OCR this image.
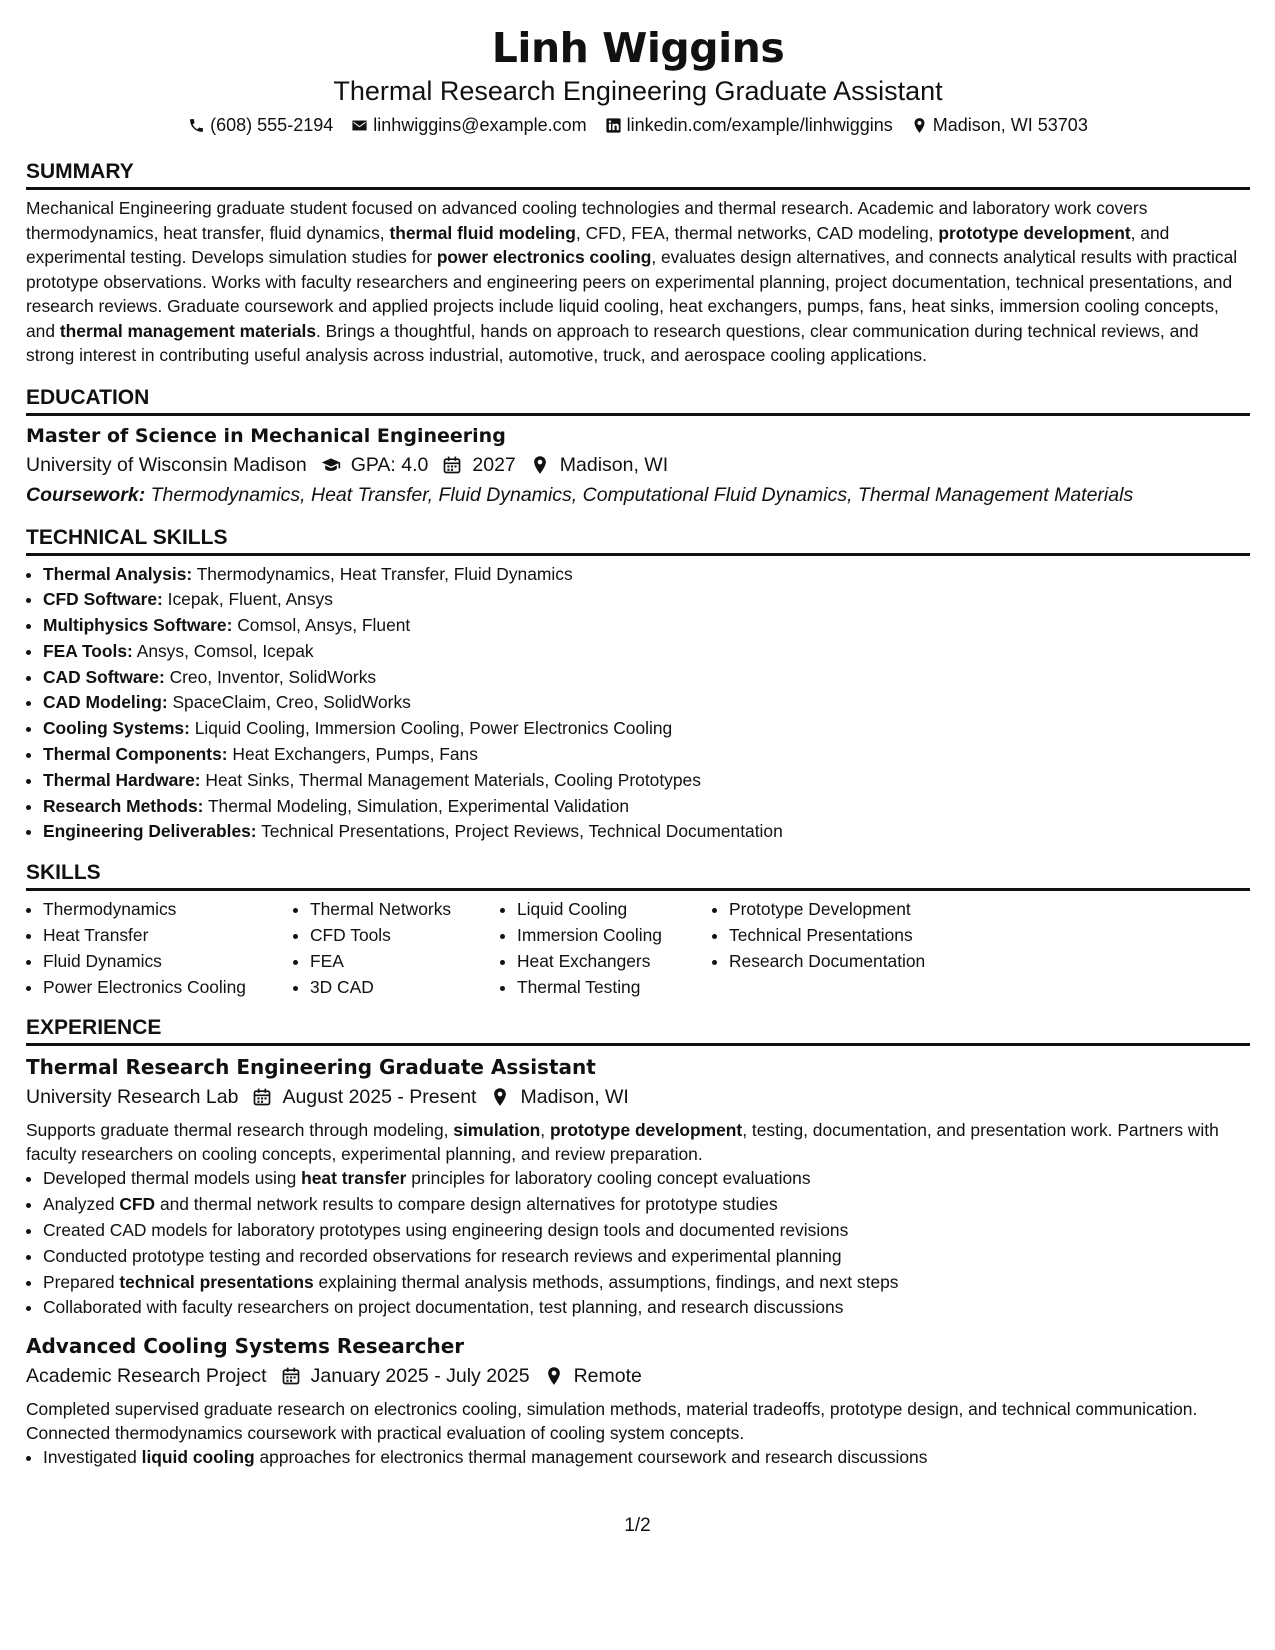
Linh Wiggins

Thermal Research Engineering Graduate Assistant

(608) 555-2194 linhwiggins@example.com linkedin.com/example/linhwiggins Madison, WI 53703
SUMMARY

Mechanical Engineering graduate student focused on advanced cooling technologies and thermal research. Academic and laboratory work covers thermodynamics, heat transfer, fluid dynamics, thermal fluid modeling, CFD, FEA, thermal networks, CAD modeling, prototype development, and experimental testing. Develops simulation studies for power electronics cooling, evaluates design alternatives, and connects analytical results with practical prototype observations. Works with faculty researchers and engineering peers on experimental planning, project documentation, technical presentations, and research reviews. Graduate coursework and applied projects include liquid cooling, heat exchangers, pumps, fans, heat sinks, immersion cooling concepts, and thermal management materials. Brings a thoughtful, hands on approach to research questions, clear communication during technical reviews, and strong interest in contributing useful analysis across industrial, automotive, truck, and aerospace cooling applications.

EDUCATION

Master of Science in Mechanical Engineering

University of Wisconsin Madison GPA: 4.0 2027 Madison, WI

Coursework: Thermodynamics, Heat Transfer, Fluid Dynamics, Computational Fluid Dynamics, Thermal Management Materials

TECHNICAL SKILLS
• Thermal Analysis: Thermodynamics, Heat Transfer, Fluid Dynamics
• CFD Software: Icepak, Fluent, Ansys
• Multiphysics Software: Comsol, Ansys, Fluent
• FEA Tools: Ansys, Comsol, Icepak
• CAD Software: Creo, Inventor, SolidWorks
• CAD Modeling: SpaceClaim, Creo, SolidWorks
• Cooling Systems: Liquid Cooling, Immersion Cooling, Power Electronics Cooling
• Thermal Components: Heat Exchangers, Pumps, Fans
• Thermal Hardware: Heat Sinks, Thermal Management Materials, Cooling Prototypes
• Research Methods: Thermal Modeling, Simulation, Experimental Validation
• Engineering Deliverables: Technical Presentations, Project Reviews, Technical Documentation
SKILLS
• Thermodynamics
• Heat Transfer
• Fluid Dynamics
• Power Electronics Cooling
• Thermal Networks
• CFD Tools
• FEA
• 3D CAD
• Liquid Cooling
• Immersion Cooling
• Heat Exchangers
• Thermal Testing
• Prototype Development
• Technical Presentations
• Research Documentation
EXPERIENCE

Thermal Research Engineering Graduate Assistant

University Research Lab August 2025 - Present Madison, WI

Supports graduate thermal research through modeling, simulation, prototype development, testing, documentation, and presentation work. Partners with faculty researchers on cooling concepts, experimental planning, and review preparation.

• Developed thermal models using heat transfer principles for laboratory cooling concept evaluations
• Analyzed CFD and thermal network results to compare design alternatives for prototype studies
• Created CAD models for laboratory prototypes using engineering design tools and documented revisions
• Conducted prototype testing and recorded observations for research reviews and experimental planning
• Prepared technical presentations explaining thermal analysis methods, assumptions, findings, and next steps
• Collaborated with faculty researchers on project documentation, test planning, and research discussions

Advanced Cooling Systems Researcher

Academic Research Project January 2025 - July 2025 Remote

Completed supervised graduate research on electronics cooling, simulation methods, material tradeoffs, prototype design, and technical communication. Connected thermodynamics coursework with practical evaluation of cooling system concepts.

• Investigated liquid cooling approaches for electronics thermal management coursework and research discussions
1/2
